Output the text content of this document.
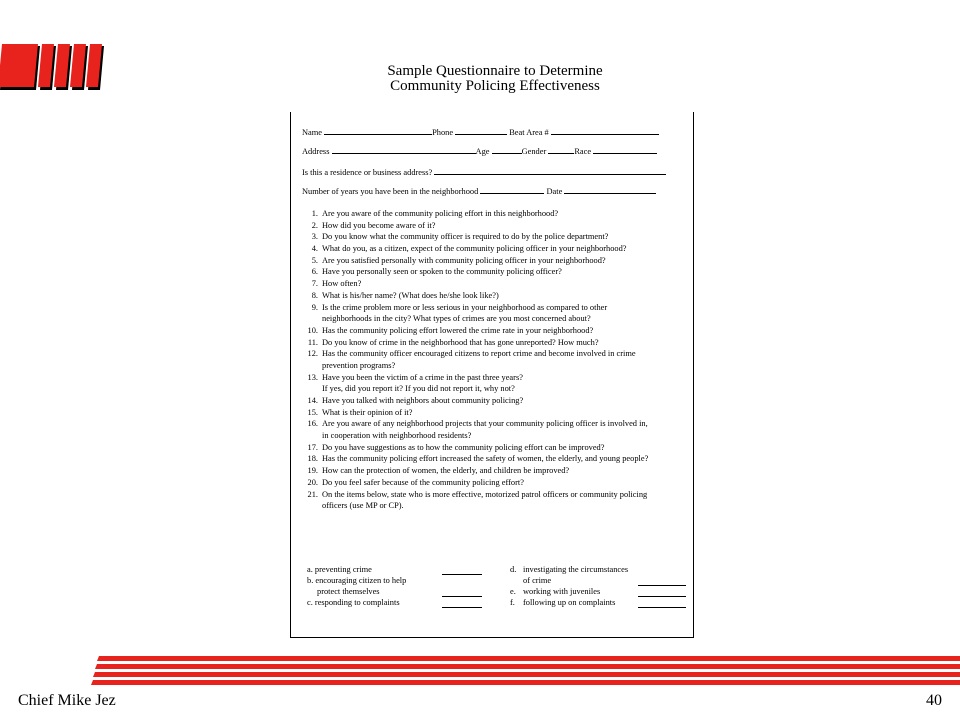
Sample Questionnaire to Determine
Community Policing Effectiveness
Name	Phone	Beat Area #
Address	Age	Gender	Race
Is this a residence or business address?
Number of years you have been in the neighborhood	Date
1. Are you aware of the community policing effort in this neighborhood?
2. How did you become aware of it?
3. Do you know what the community officer is required to do by the police department?
4. What do you, as a citizen, expect of the community policing officer in your neighborhood?
5. Are you satisfied personally with community policing officer in your neighborhood?
6. Have you personally seen or spoken to the community policing officer?
7. How often?
8. What is his/her name? (What does he/she look like?)
9. Is the crime problem more or less serious in your neighborhood as compared to other
neighborhoods in the city? What types of crimes are you most concerned about?
10. Has the community policing effort lowered the crime rate in your neighborhood?
11. Do you know of crime in the neighborhood that has gone unreported? How much?
12. Has the community officer encouraged citizens to report crime and become involved in crime
prevention programs?
13. Have you been the victim of a crime in the past three years?
If yes, did you report it? If you did not report it, why not?
14. Have you talked with neighbors about community policing?
15. What is their opinion of it?
16. Are you aware of any neighborhood projects that your community policing officer is involved in,
in cooperation with neighborhood residents?
17. Do you have suggestions as to how the community policing effort can be improved?
18. Has the community policing effort increased the safety of women, the elderly, and young people?
19. How can the protection of women, the elderly, and children be improved?
20. Do you feel safer because of the community policing effort?
21. On the items below, state who is more effective, motorized patrol officers or community policing
officers (use MP or CP).
a. preventing crime
b. encouraging citizen to help
protect themselves
c. responding to complaints
d. investigating the circumstances
of crime
e. working with juveniles
f. following up on complaints
Chief Mike Jez	40
